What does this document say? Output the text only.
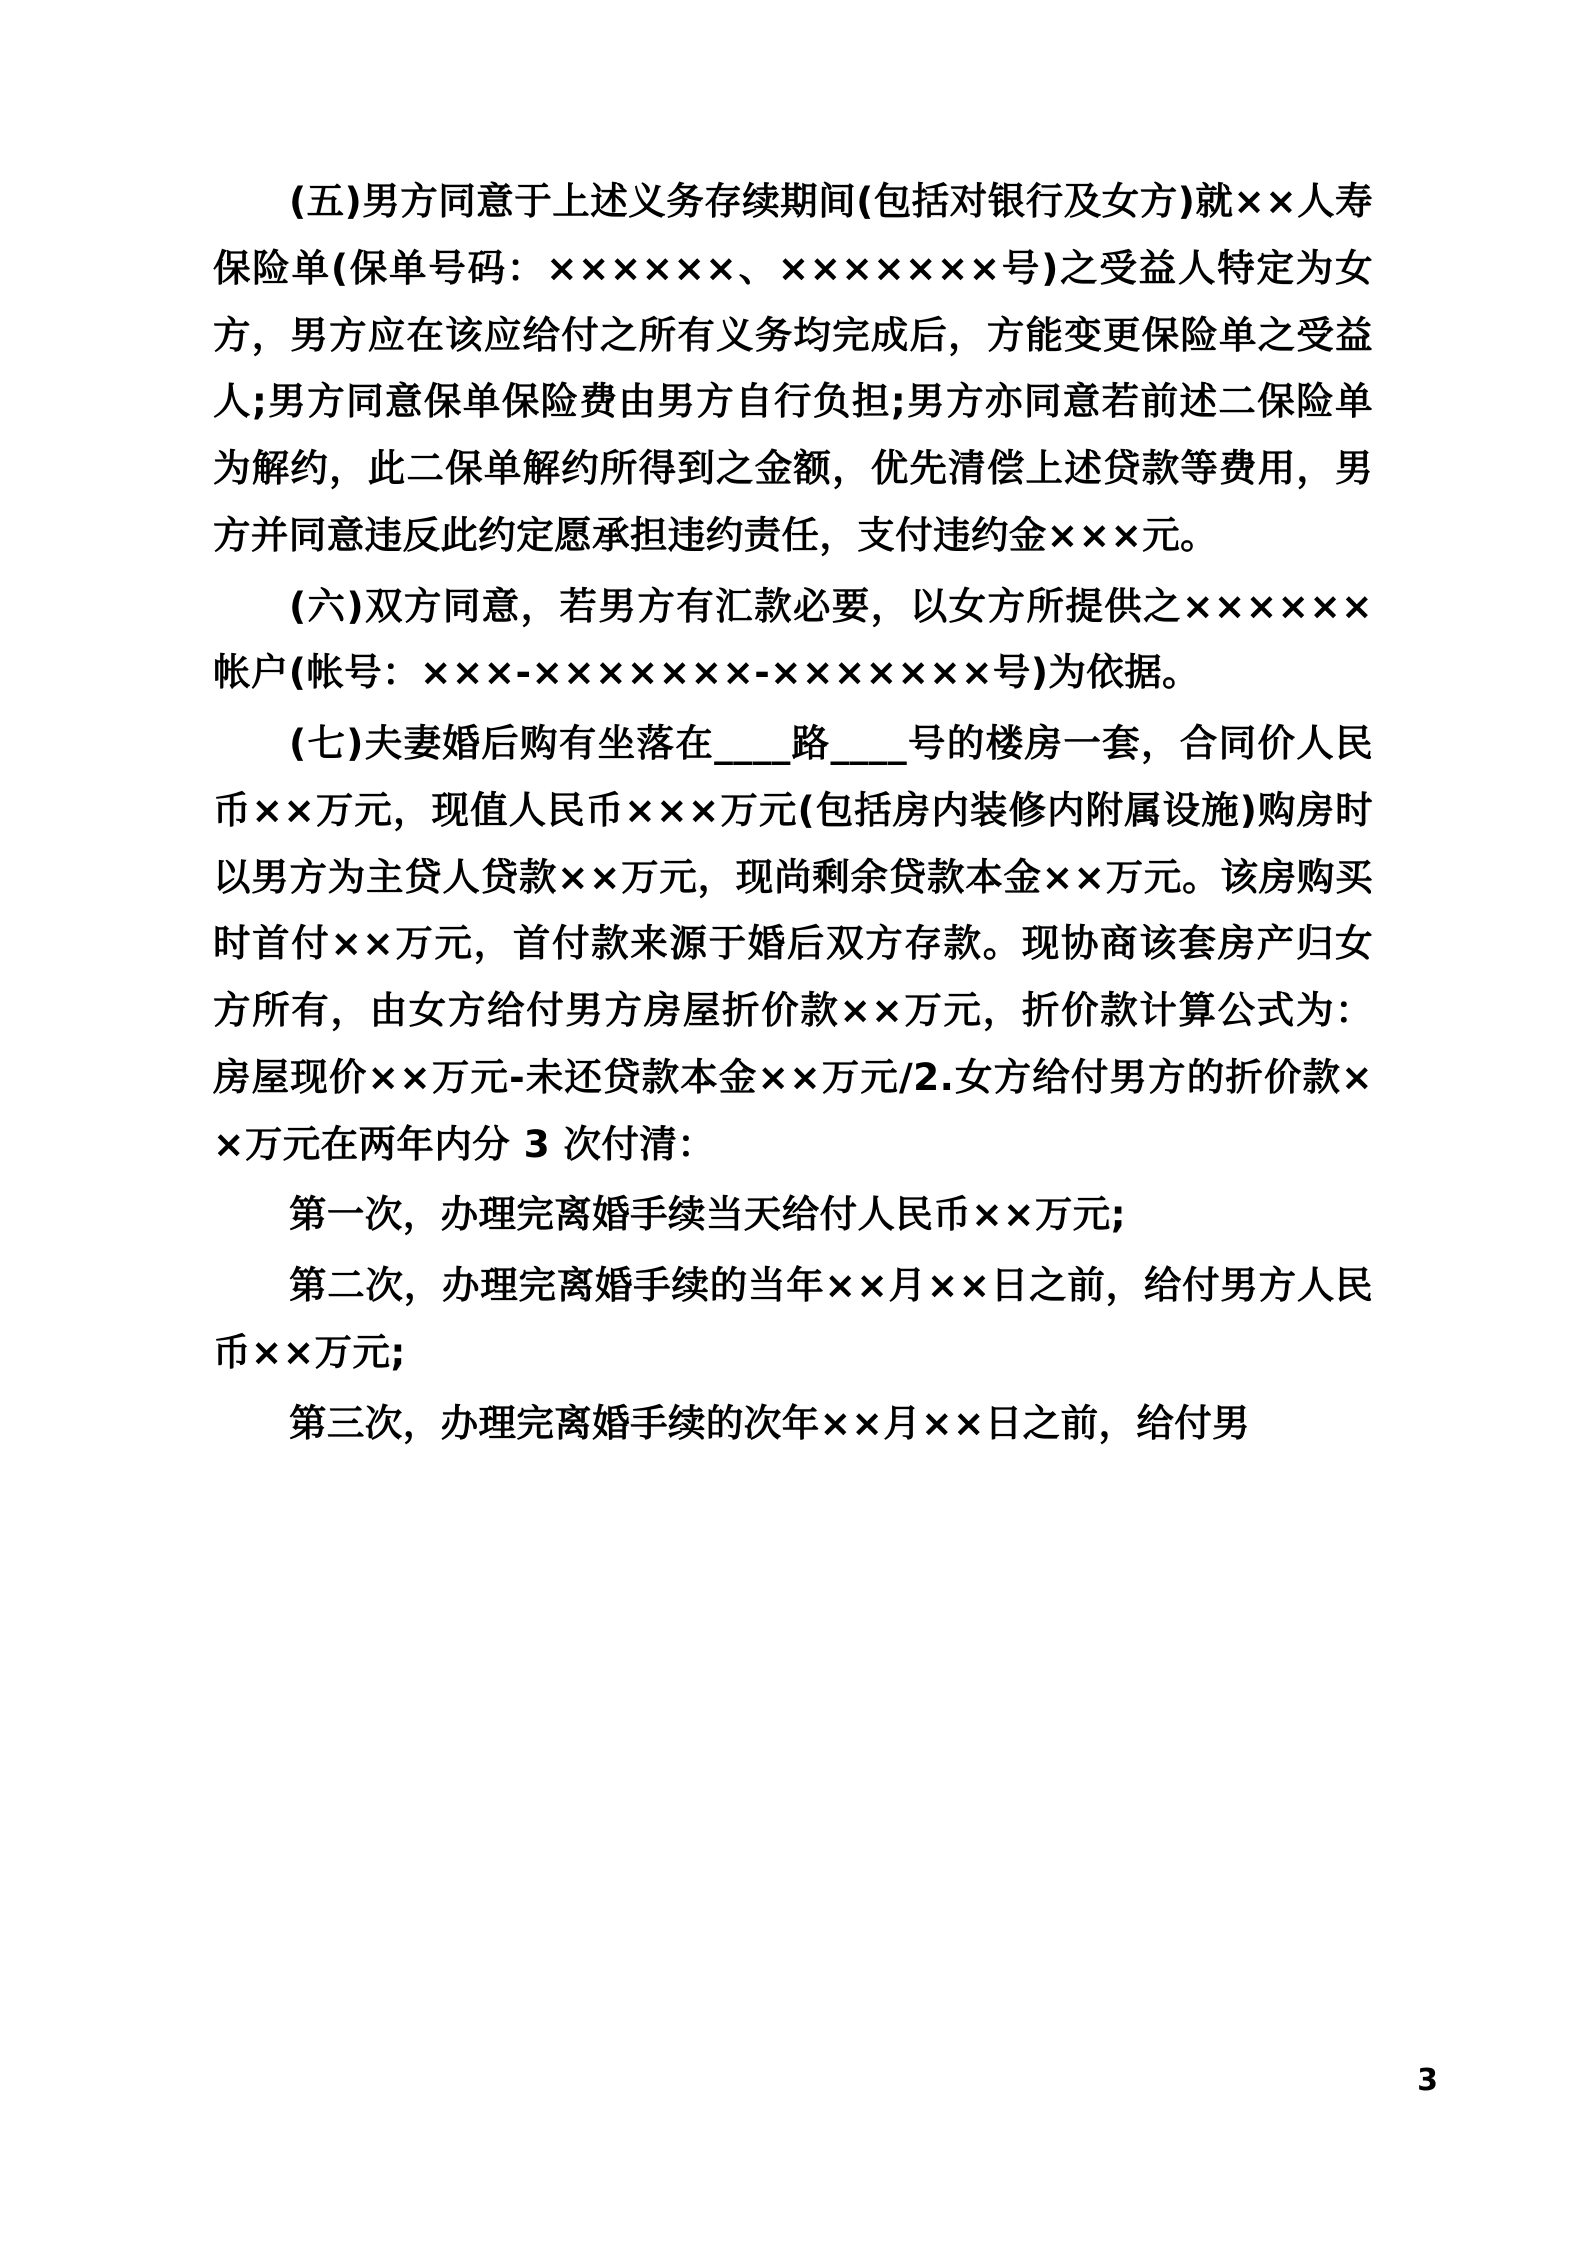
(五)男方同意于上述义务存续期间(包括对银行及女方)就××人寿保险单(保单号码：××××××、×××××××号)之受益人特定为女方，男方应在该应给付之所有义务均完成后，方能变更保险单之受益人;男方同意保单保险费由男方自行负担;男方亦同意若前述二保险单为解约，此二保单解约所得到之金额，优先清偿上述贷款等费用，男方并同意违反此约定愿承担违约责任，支付违约金×××元。

(六)双方同意，若男方有汇款必要，以女方所提供之××××××帐户(帐号：×××-×××××××-×××××××号)为依据。

(七)夫妻婚后购有坐落在____路____号的楼房一套，合同价人民币××万元，现值人民币×××万元(包括房内装修内附属设施)购房时以男方为主贷人贷款××万元，现尚剩余贷款本金××万元。该房购买时首付××万元，首付款来源于婚后双方存款。现协商该套房产归女方所有，由女方给付男方房屋折价款××万元，折价款计算公式为：房屋现价××万元-未还贷款本金××万元/2.女方给付男方的折价款××万元在两年内分 3 次付清：

第一次，办理完离婚手续当天给付人民币××万元;

第二次，办理完离婚手续的当年××月××日之前，给付男方人民币××万元;

第三次，办理完离婚手续的次年××月××日之前，给付男

3
